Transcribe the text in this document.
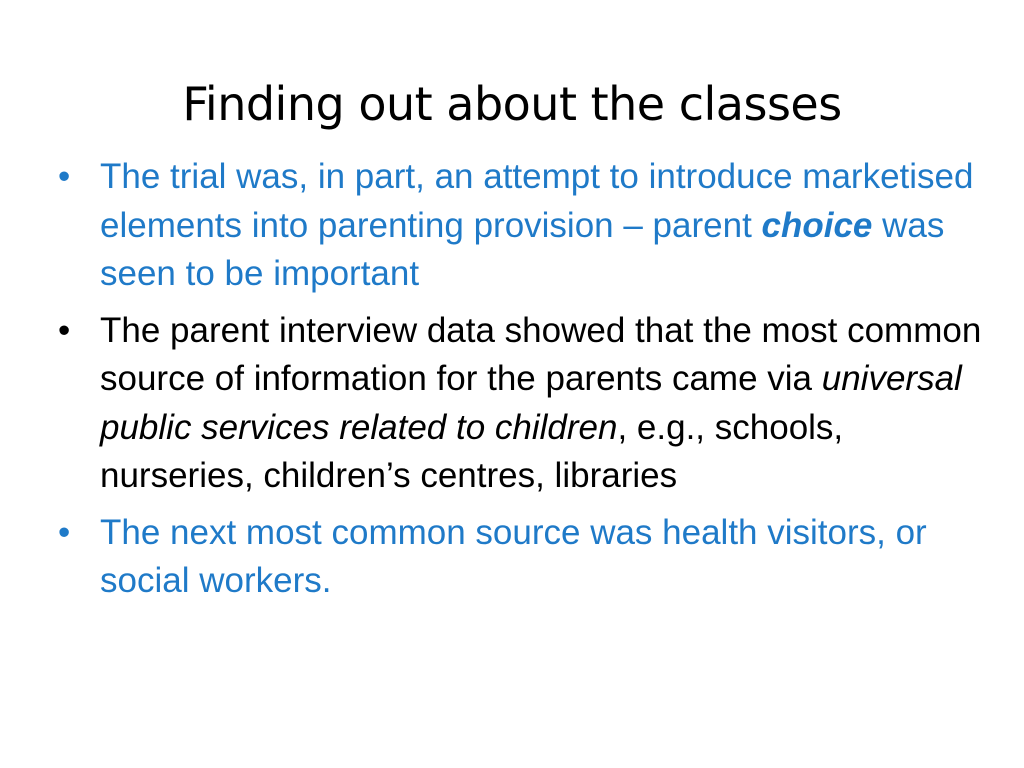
Finding out about the classes
• The trial was, in part, an attempt to introduce marketised elements into parenting provision – parent choice was seen to be important
• The parent interview data showed that the most common source of information for the parents came via universal public services related to children, e.g., schools, nurseries, children’s centres, libraries
• The next most common source was health visitors, or social workers.
